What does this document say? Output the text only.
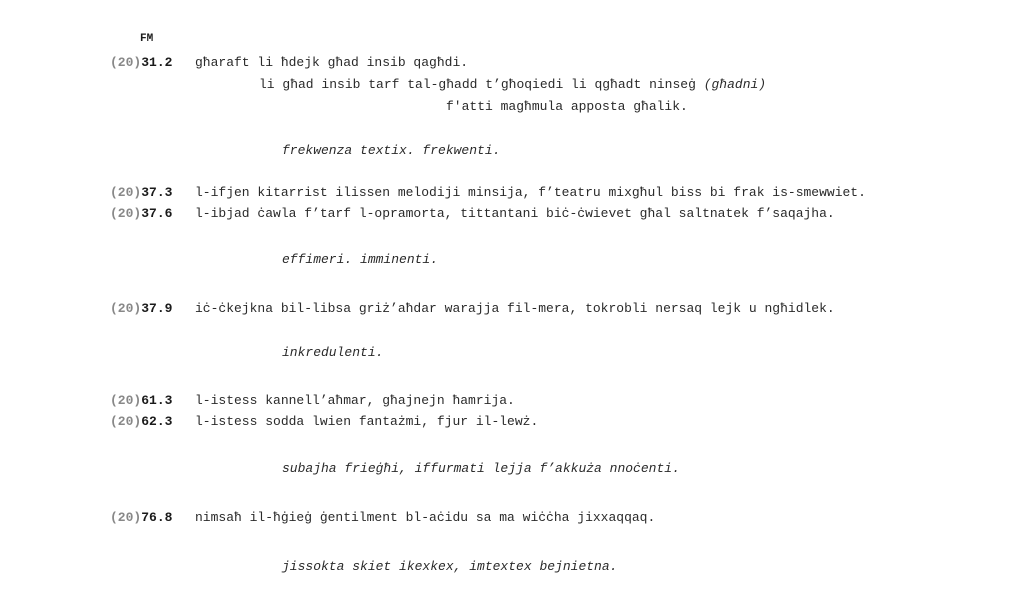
FM
(20)31.2 għaraft li ħdejk għad insib qagħdi.
li għad insib tarf tal-għadd t’għoqiedi li qgħadt ninseġ (għadni)
f'atti magħmula apposta għalik.
frekwenza textix. frekwenti.
(20)37.3 l-ifjen kitarrist ilissen melodiji minsija, f’teatru mixgħul biss bi frak is-smewwiet.
(20)37.6 l-ibjad ċawla f’tarf l-opramorta, tittantani biċ-ċwievet għal saltnatek f’saqajha.
effimeri. imminenti.
(20)37.9 iċ-ċkejkna bil-libsa griż’aħdar warajja fil-mera, tokrobli nersaq lejk u ngħidlek.
inkredulenti.
(20)61.3 l-istess kannell’aħmar, għajnejn ħamrija.
(20)62.3 l-istess sodda lwien fantażmi, fjur il-lewż.
subajha frieġħi, iffurmati lejja f’akkuża nnoċenti.
(20)76.8 nimsaħ il-ħġieġ ġentilment bl-aċidu sa ma wiċċha jixxaqqaq.
jissokta skiet ikexkex, imtextex bejnietna.
